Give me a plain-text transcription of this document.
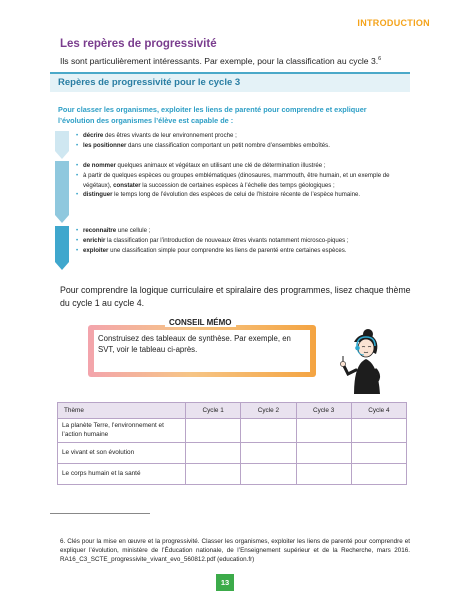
INTRODUCTION
Les repères de progressivité
Ils sont particulièrement intéressants. Par exemple, pour la classification au cycle 3.$^6$
Repères de progressivité pour le cycle 3
Pour classer les organismes, exploiter les liens de parenté pour comprendre et expliquer l’évolution des organismes l’élève est capable de :
• décrire des êtres vivants de leur environnement proche ;
• les positionner dans une classification comportant un petit nombre d’ensembles emboîtés.
• de nommer quelques animaux et végétaux en utilisant une clé de détermination illustrée ;
• à partir de quelques espèces ou groupes emblématiques (dinosaures, mammouth, être humain, et un exemple de végétaux), constater la succession de certaines espèces à l’échelle des temps géologiques ;
• distinguer le temps long de l’évolution des espèces de celui de l’histoire récente de l’espèce humaine.
• reconnaître une cellule ;
• enrichir la classification par l’introduction de nouveaux êtres vivants notamment microsco-piques ;
• exploiter une classification simple pour comprendre les liens de parenté entre certaines espèces.
Pour comprendre la logique curriculaire et spiralaire des programmes, lisez chaque thème du cycle 1 au cycle 4.
CONSEIL MÉMO
Construisez des tableaux de synthèse. Par exemple, en SVT, voir le tableau ci-après.
Thème	Cycle 1	Cycle 2	Cycle 3	Cycle 4
La planète Terre, l’environnement et l’action humaine				
Le vivant et son évolution				
Le corps humain et la santé				
6. Clés pour la mise en œuvre et la progressivité. Classer les organismes, exploiter les liens de parenté pour comprendre et expliquer l’évolution, ministère de l’Éducation nationale, de l’Enseignement supérieur et de la Recherche, mars 2016. RA16_C3_SCTE_progressivite_vivant_evo_560812.pdf (education.fr)
13
